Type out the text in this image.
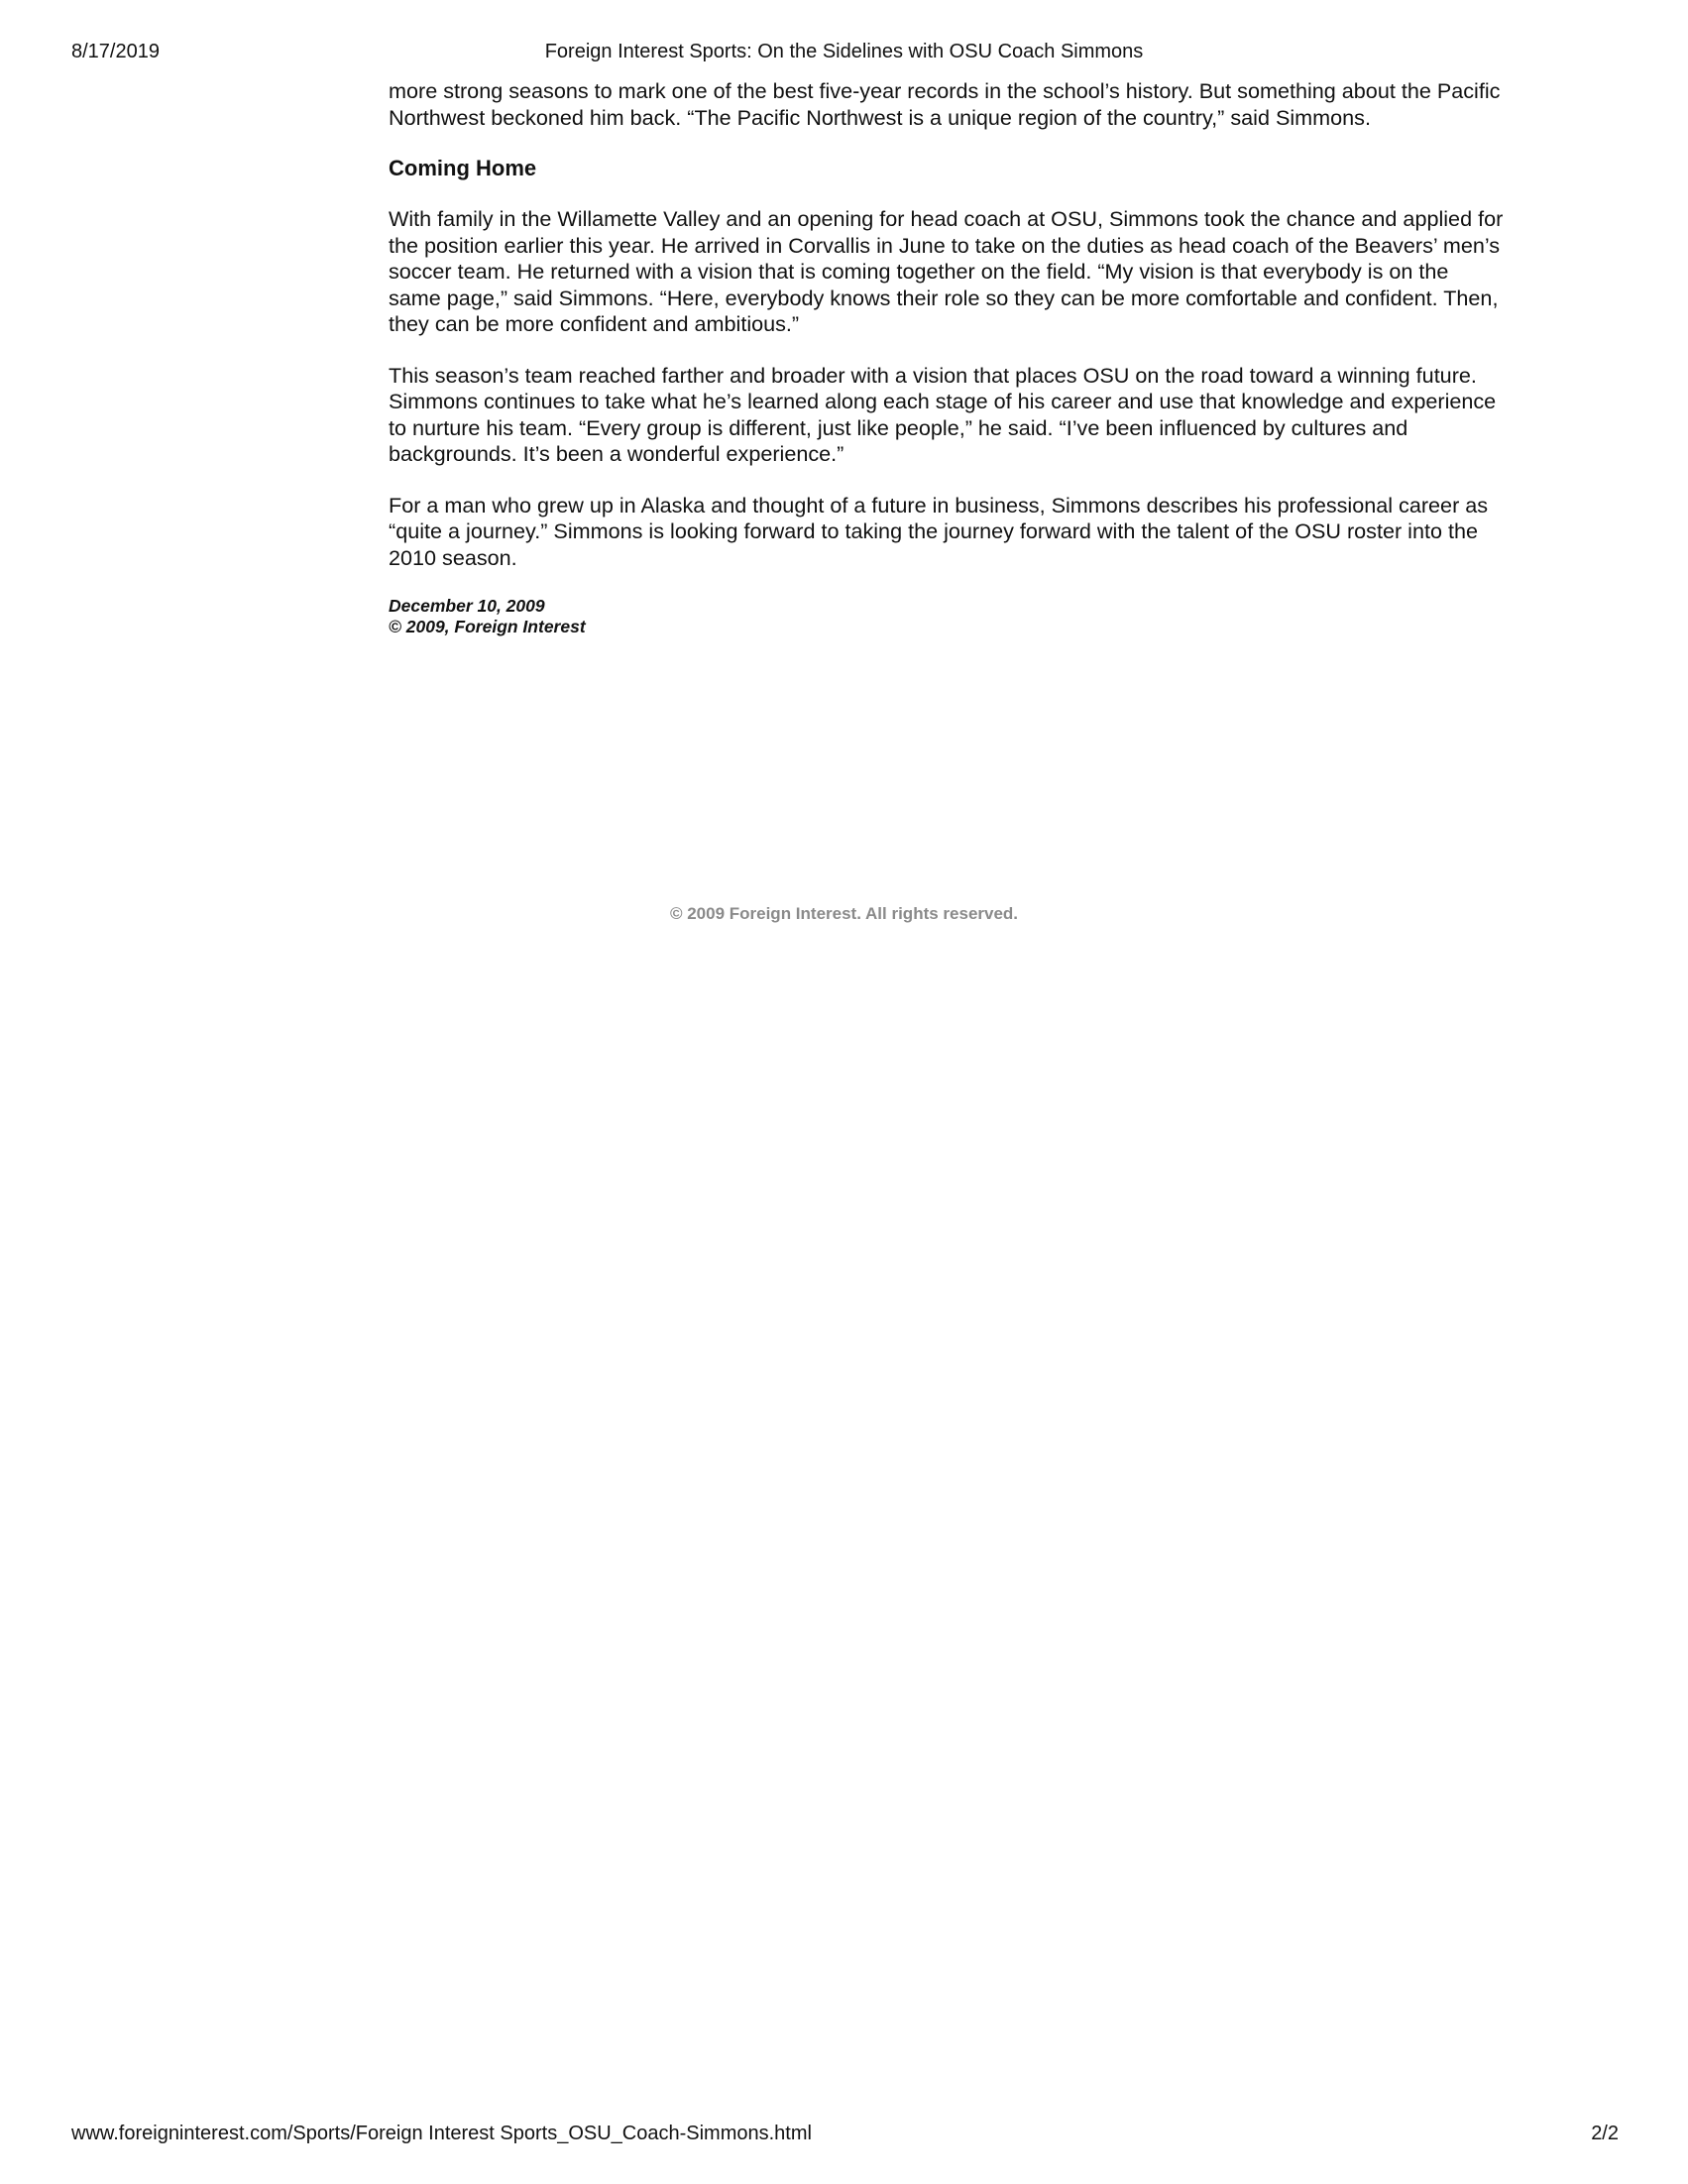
8/17/2019	Foreign Interest Sports: On the Sidelines with OSU Coach Simmons

more strong seasons to mark one of the best five-year records in the school’s history. But something about the Pacific Northwest beckoned him back. “The Pacific Northwest is a unique region of the country,” said Simmons.

Coming Home

With family in the Willamette Valley and an opening for head coach at OSU, Simmons took the chance and applied for the position earlier this year. He arrived in Corvallis in June to take on the duties as head coach of the Beavers’ men’s soccer team. He returned with a vision that is coming together on the field. “My vision is that everybody is on the same page,” said Simmons. “Here, everybody knows their role so they can be more comfortable and confident. Then, they can be more confident and ambitious.”

This season’s team reached farther and broader with a vision that places OSU on the road toward a winning future. Simmons continues to take what he’s learned along each stage of his career and use that knowledge and experience to nurture his team. “Every group is different, just like people,” he said. “I’ve been influenced by cultures and backgrounds. It’s been a wonderful experience.”

For a man who grew up in Alaska and thought of a future in business, Simmons describes his professional career as “quite a journey.” Simmons is looking forward to taking the journey forward with the talent of the OSU roster into the 2010 season.

December 10, 2009
© 2009, Foreign Interest
© 2009 Foreign Interest. All rights reserved.
www.foreigninterest.com/Sports/Foreign Interest Sports_OSU_Coach-Simmons.html	2/2
